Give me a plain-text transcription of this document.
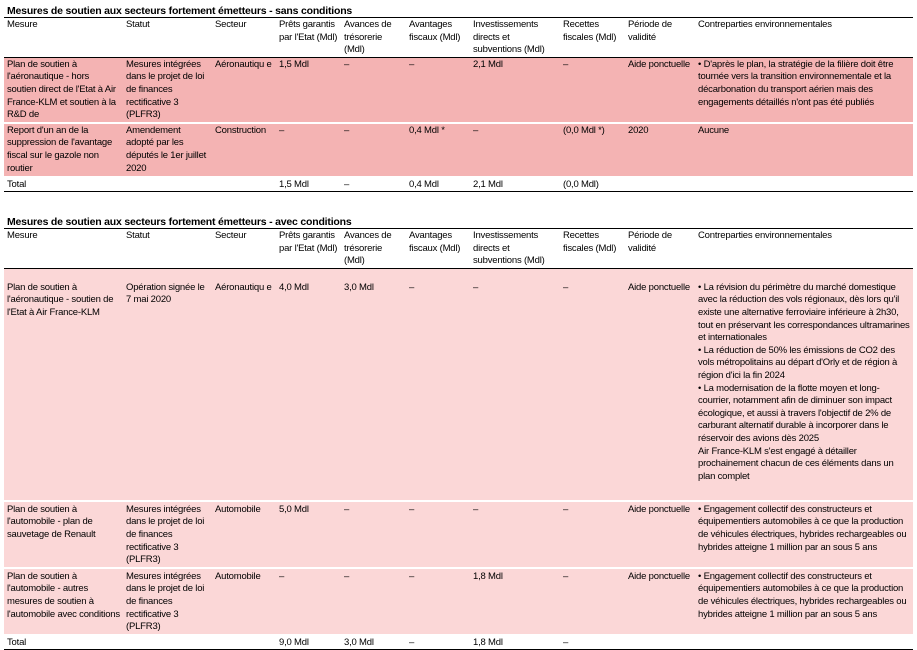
Mesures de soutien aux secteurs fortement émetteurs - sans conditions									
Mesure	Statut	Secteur	Prêts garantis par l'Etat (Mdl)	Avances de trésorerie (Mdl)	Avantages fiscaux (Mdl)	Investissements directs et subventions (Mdl)	Recettes fiscales (Mdl)	Période de validité	Contreparties environnementales

Plan de soutien à l'aéronautique - hors soutien direct de l'Etat à Air France-KLM et soutien à la R&D de	Mesures intégrées dans le projet de loi de finances rectificative 3 (PLFR3)	Aéronautiqu e	1,5 Mdl	–	–	2,1 Mdl	–	Aide ponctuelle	• D'après le plan, la stratégie de la filière doit être tournée vers la transition environnementale et la décarbonation du transport aérien mais des engagements détaillés n'ont pas été publiés

Report d'un an de la suppression de l'avantage fiscal sur le gazole non routier	Amendement adopté par les députés le 1er juillet 2020	Construction	–	–	0,4 Mdl *	–	(0,0 Mdl *)	2020	Aucune
Total			1,5 Mdl	–	0,4 Mdl	2,1 Mdl	(0,0 Mdl)		
Mesures de soutien aux secteurs fortement émetteurs - avec conditions									
Mesure	Statut	Secteur	Prêts garantis par l'Etat (Mdl)	Avances de trésorerie (Mdl)	Avantages fiscaux (Mdl)	Investissements directs et subventions (Mdl)	Recettes fiscales (Mdl)	Période de validité	Contreparties environnementales
Plan de soutien à l'aéronautique - soutien de l'Etat à Air France-KLM	Opération signée le 7 mai 2020	Aéronautiqu e	4,0 Mdl	3,0 Mdl	–	–	–	Aide ponctuelle	• La révision du périmètre du marché domestique avec la réduction des vols régionaux, dès lors qu'il existe une alternative ferroviaire inférieure à 2h30, tout en préservant les correspondances ultramarines et internationales
• La réduction de 50% les émissions de CO2 des vols métropolitains au départ d'Orly et de région à région d'ici la fin 2024
• La modernisation de la flotte moyen et long-courrier, notamment afin de diminuer son impact écologique, et aussi à travers l'objectif de 2% de carburant alternatif durable à incorporer dans le réservoir des avions dès 2025
Air France-KLM s'est engagé à détailler prochainement chacun de ces éléments dans un plan complet

Plan de soutien à l'automobile - plan de sauvetage de Renault	Mesures intégrées dans le projet de loi de finances rectificative 3 (PLFR3)	Automobile	5,0 Mdl	–	–	–	–	Aide ponctuelle	• Engagement collectif des constructeurs et équipementiers automobiles à ce que la production de véhicules électriques, hybrides rechargeables ou hybrides atteigne 1 million par an sous 5 ans
Plan de soutien à l'automobile - autres mesures de soutien à l'automobile avec conditions	Mesures intégrées dans le projet de loi de finances rectificative 3 (PLFR3)	Automobile	–	–	–	1,8 Mdl	–	Aide ponctuelle	• Engagement collectif des constructeurs et équipementiers automobiles à ce que la production de véhicules électriques, hybrides rechargeables ou hybrides atteigne 1 million par an sous 5 ans
Total			9,0 Mdl	3,0 Mdl	–	1,8 Mdl	–		
